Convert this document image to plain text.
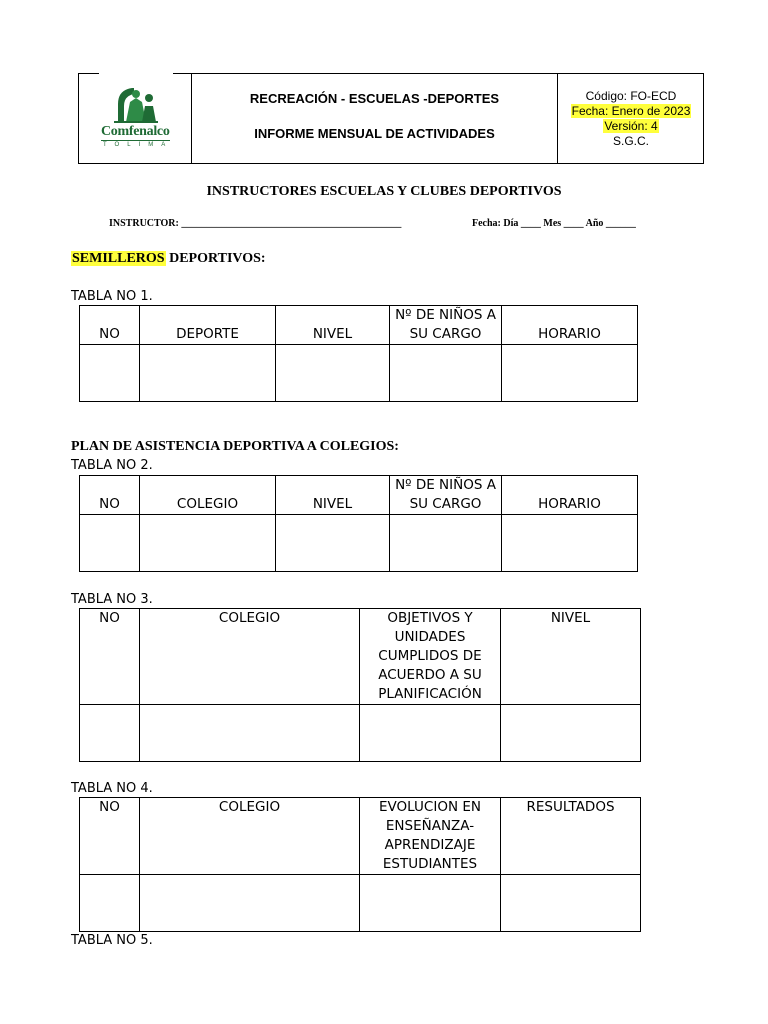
Comfenalco
TOLIMA
RECREACIÓN - ESCUELAS -DEPORTES
INFORME MENSUAL DE ACTIVIDADES
Código: FO-ECD
Fecha: Enero de 2023
Versión: 4
S.G.C.
INSTRUCTORES ESCUELAS Y CLUBES DEPORTIVOS
INSTRUCTOR: ____________________________________________	Fecha: Día ____ Mes ____ Año ______
SEMILLEROS DEPORTIVOS:
TABLA NO 1.
NO	DEPORTE	NIVEL	Nº DE NIÑOS A SU CARGO	HORARIO

PLAN DE ASISTENCIA DEPORTIVA A COLEGIOS:
TABLA NO 2.
NO	COLEGIO	NIVEL	Nº DE NIÑOS A SU CARGO	HORARIO

TABLA NO 3.
NO	COLEGIO	OBJETIVOS Y UNIDADES CUMPLIDOS DE ACUERDO A SU PLANIFICACIÓN	NIVEL

TABLA NO 4.
NO	COLEGIO	EVOLUCION EN ENSEÑANZA-APRENDIZAJE ESTUDIANTES	RESULTADOS

TABLA NO 5.
